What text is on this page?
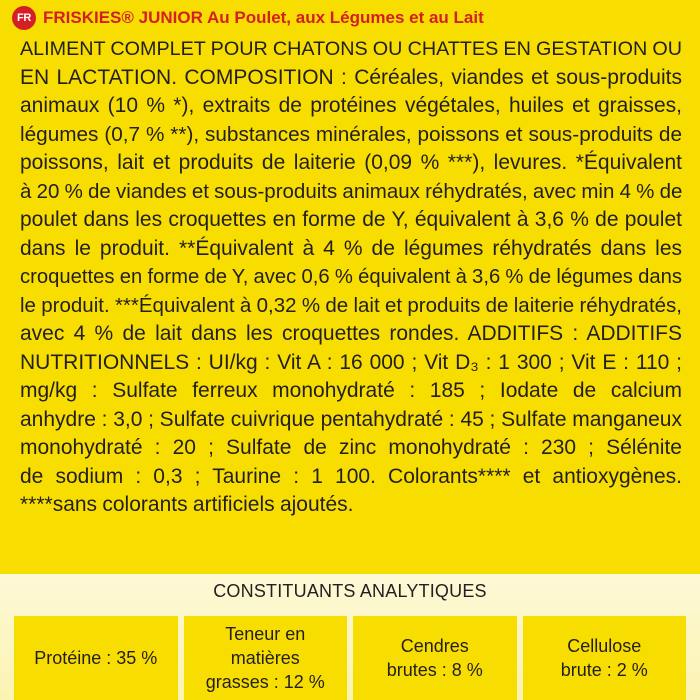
FR FRISKIES® JUNIOR Au Poulet, aux Légumes et au Lait
ALIMENT COMPLET POUR CHATONS OU CHATTES EN GESTATION OU
EN LACTATION. COMPOSITION : Céréales, viandes et sous-produits
animaux (10 % *), extraits de protéines végétales, huiles et graisses,
légumes (0,7 % **), substances minérales, poissons et sous-produits de
poissons, lait et produits de laiterie (0,09 % ***), levures. *Équivalent
à 20 % de viandes et sous-produits animaux réhydratés, avec min 4 % de
poulet dans les croquettes en forme de Y, équivalent à 3,6 % de poulet
dans le produit. **Équivalent à 4 % de légumes réhydratés dans les
croquettes en forme de Y, avec 0,6 % équivalent à 3,6 % de légumes dans
le produit. ***Équivalent à 0,32 % de lait et produits de laiterie réhydratés,
avec 4 % de lait dans les croquettes rondes. ADDITIFS : ADDITIFS
NUTRITIONNELS : UI/kg : Vit A : 16 000 ; Vit D₃ : 1 300 ; Vit E : 110 ;
mg/kg : Sulfate ferreux monohydraté : 185 ; Iodate de calcium
anhydre : 3,0 ; Sulfate cuivrique pentahydraté : 45 ; Sulfate manganeux
monohydraté : 20 ; Sulfate de zinc monohydraté : 230 ; Sélénite
de sodium : 0,3 ; Taurine : 1 100. Colorants**** et antioxygènes.
****sans colorants artificiels ajoutés.
CONSTITUANTS ANALYTIQUES
Protéine : 35 %
Teneur en
matières
grasses : 12 %
Cendres
brutes : 8 %
Cellulose
brute : 2 %
